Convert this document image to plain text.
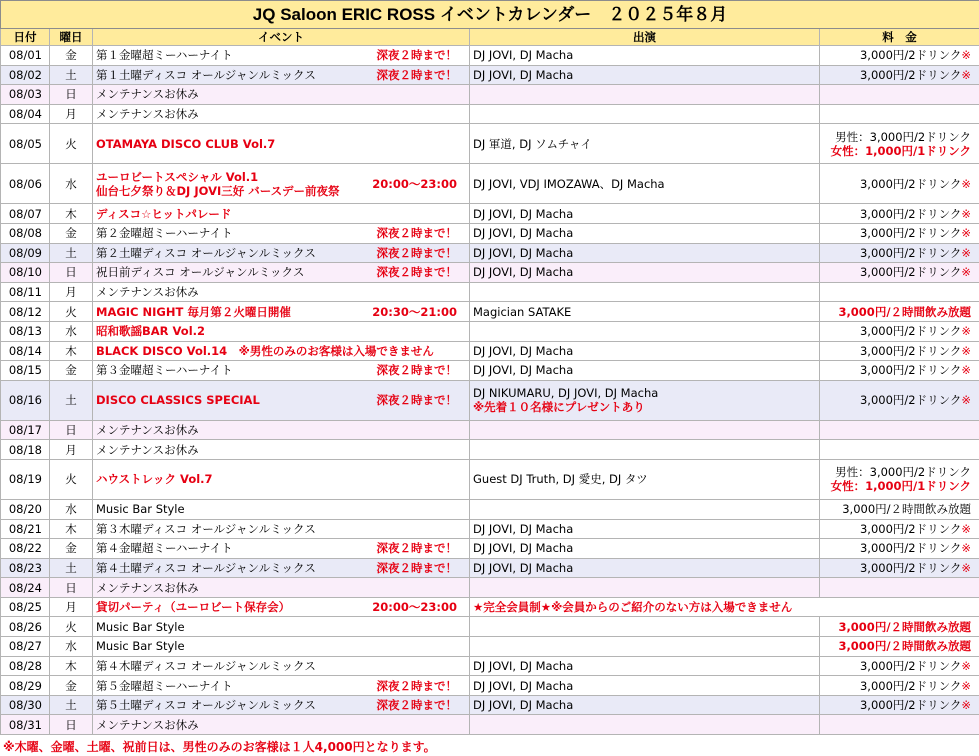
JQ Saloon ERIC ROSS イベントカレンダー　２０２５年８月				
日付	曜日	イベント	出演	料　金
08/01	金	第１金曜超ミーハーナイト 深夜２時まで！	DJ JOVI, DJ Macha	3,000円/2ドリンク※
08/02	土	第１土曜ディスコ オールジャンルミックス 深夜２時まで！	DJ JOVI, DJ Macha	3,000円/2ドリンク※
08/03	日	メンテナンスお休み		
08/04	月	メンテナンスお休み		
08/05	火	OTAMAYA DISCO CLUB Vol.7	DJ 軍道, DJ ソムチャイ	男性：3,000円/2ドリンク
女性：1,000円/1ドリンク

08/06	水	ユーロビートスペシャル Vol.1
仙台七夕祭り＆DJ JOVI三好 バースデー前夜祭 20:00～23:00	DJ JOVI, VDJ IMOZAWA、DJ Macha	3,000円/2ドリンク※
08/07	木	ディスコ☆ヒットパレード	DJ JOVI, DJ Macha	3,000円/2ドリンク※
08/08	金	第２金曜超ミーハーナイト 深夜２時まで！	DJ JOVI, DJ Macha	3,000円/2ドリンク※
08/09	土	第２土曜ディスコ オールジャンルミックス 深夜２時まで！	DJ JOVI, DJ Macha	3,000円/2ドリンク※
08/10	日	祝日前ディスコ オールジャンルミックス 深夜２時まで！	DJ JOVI, DJ Macha	3,000円/2ドリンク※
08/11	月	メンテナンスお休み		
08/12	火	MAGIC NIGHT 毎月第２火曜日開催 20:30～21:00	Magician SATAKE	3,000円/２時間飲み放題
08/13	水	昭和歌謡BAR Vol.2		3,000円/2ドリンク※
08/14	木	BLACK DISCO Vol.14　※男性のみのお客様は入場できません	DJ JOVI, DJ Macha	3,000円/2ドリンク※
08/15	金	第３金曜超ミーハーナイト 深夜２時まで！	DJ JOVI, DJ Macha	3,000円/2ドリンク※
08/16	土	DISCO CLASSICS SPECIAL 深夜２時まで！	DJ NIKUMARU, DJ JOVI, DJ Macha
※先着１０名様にプレゼントあり	3,000円/2ドリンク※
08/17	日	メンテナンスお休み		
08/18	月	メンテナンスお休み		
08/19	火	ハウストレック Vol.7	Guest DJ Truth, DJ 愛史, DJ タツ	男性：3,000円/2ドリンク
女性：1,000円/1ドリンク

08/20	水	Music Bar Style		3,000円/２時間飲み放題
08/21	木	第３木曜ディスコ オールジャンルミックス	DJ JOVI, DJ Macha	3,000円/2ドリンク※
08/22	金	第４金曜超ミーハーナイト 深夜２時まで！	DJ JOVI, DJ Macha	3,000円/2ドリンク※
08/23	土	第４土曜ディスコ オールジャンルミックス 深夜２時まで！	DJ JOVI, DJ Macha	3,000円/2ドリンク※
08/24	日	メンテナンスお休み		
08/25	月	貸切パーティ（ユーロビート保存会） 20:00～23:00	★完全会員制★※会員からのご紹介のない方は入場できません	
08/26	火	Music Bar Style		3,000円/２時間飲み放題
08/27	水	Music Bar Style		3,000円/２時間飲み放題
08/28	木	第４木曜ディスコ オールジャンルミックス	DJ JOVI, DJ Macha	3,000円/2ドリンク※
08/29	金	第５金曜超ミーハーナイト 深夜２時まで！	DJ JOVI, DJ Macha	3,000円/2ドリンク※
08/30	土	第５土曜ディスコ オールジャンルミックス 深夜２時まで！	DJ JOVI, DJ Macha	3,000円/2ドリンク※
08/31	日	メンテナンスお休み		
※木曜、金曜、土曜、祝前日は、男性のみのお客様は１人4,000円となります。
